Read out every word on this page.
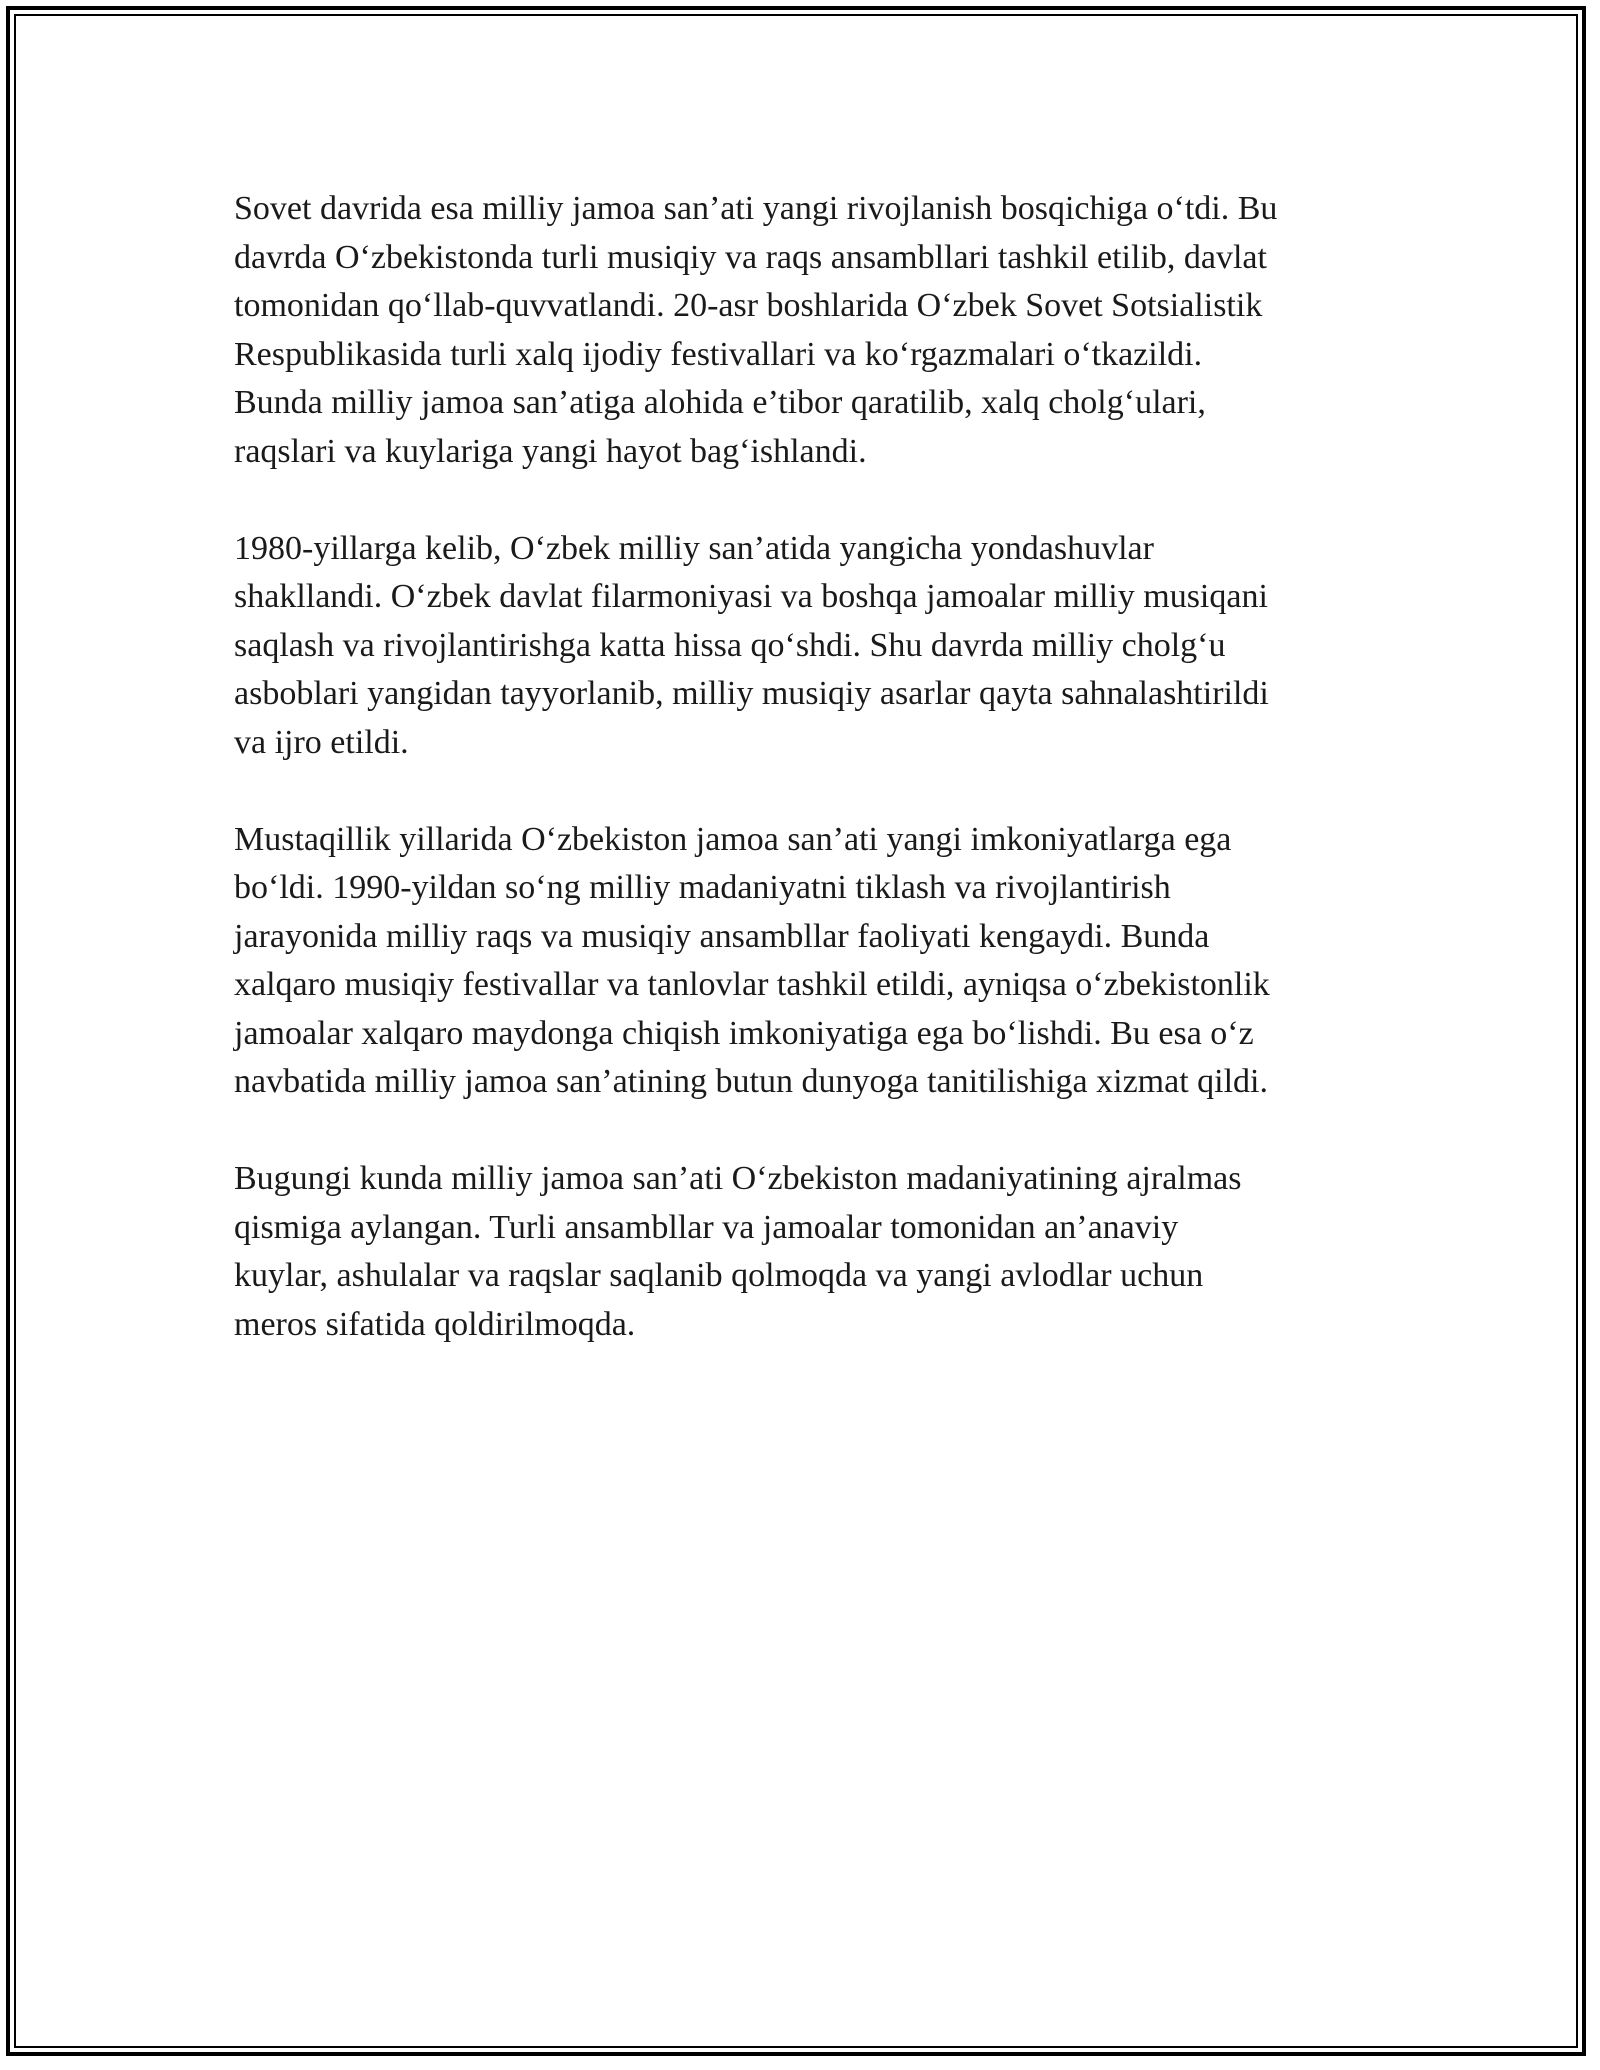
Sovet davrida esa milliy jamoa san’ati yangi rivojlanish bosqichiga o‘tdi. Bu
davrda O‘zbekistonda turli musiqiy va raqs ansambllari tashkil etilib, davlat
tomonidan qo‘llab-quvvatlandi. 20-asr boshlarida O‘zbek Sovet Sotsialistik
Respublikasida turli xalq ijodiy festivallari va ko‘rgazmalari o‘tkazildi.
Bunda milliy jamoa san’atiga alohida e’tibor qaratilib, xalq cholg‘ulari,
raqslari va kuylariga yangi hayot bag‘ishlandi.

1980-yillarga kelib, O‘zbek milliy san’atida yangicha yondashuvlar
shakllandi. O‘zbek davlat filarmoniyasi va boshqa jamoalar milliy musiqani
saqlash va rivojlantirishga katta hissa qo‘shdi. Shu davrda milliy cholg‘u
asboblari yangidan tayyorlanib, milliy musiqiy asarlar qayta sahnalashtirildi
va ijro etildi.

Mustaqillik yillarida O‘zbekiston jamoa san’ati yangi imkoniyatlarga ega
bo‘ldi. 1990-yildan so‘ng milliy madaniyatni tiklash va rivojlantirish
jarayonida milliy raqs va musiqiy ansambllar faoliyati kengaydi. Bunda
xalqaro musiqiy festivallar va tanlovlar tashkil etildi, ayniqsa o‘zbekistonlik
jamoalar xalqaro maydonga chiqish imkoniyatiga ega bo‘lishdi. Bu esa o‘z
navbatida milliy jamoa san’atining butun dunyoga tanitilishiga xizmat qildi.

Bugungi kunda milliy jamoa san’ati O‘zbekiston madaniyatining ajralmas
qismiga aylangan. Turli ansambllar va jamoalar tomonidan an’anaviy
kuylar, ashulalar va raqslar saqlanib qolmoqda va yangi avlodlar uchun
meros sifatida qoldirilmoqda.
